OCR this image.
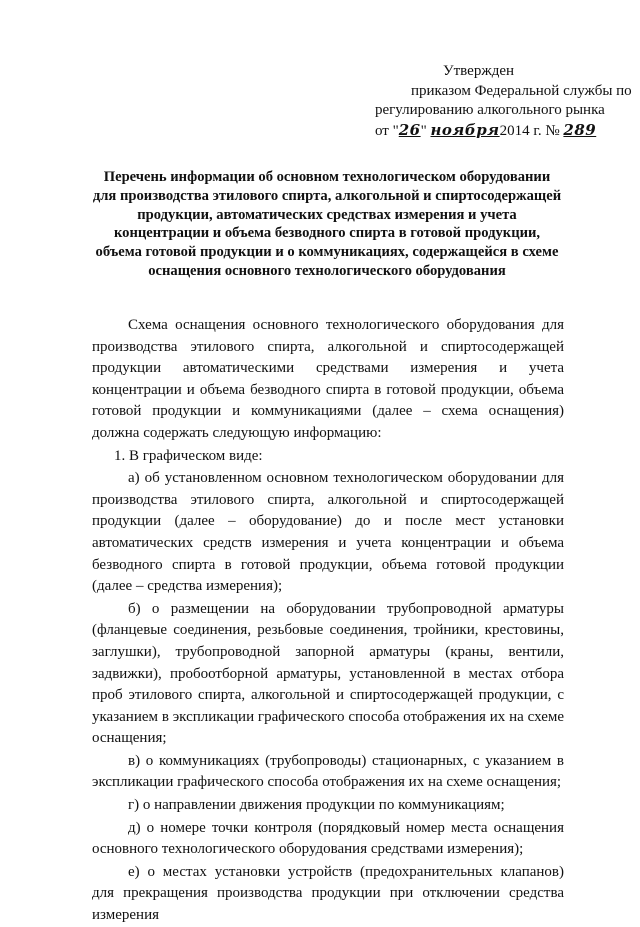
Утвержден
приказом Федеральной службы по
регулированию алкогольного рынка
от "26" ноября2014 г. № 289
Перечень информации об основном технологическом оборудовании для производства этилового спирта, алкогольной и спиртосодержащей продукции, автоматических средствах измерения и учета концентрации и объема безводного спирта в готовой продукции, объема готовой продукции и о коммуникациях, содержащейся в схеме оснащения основного технологического оборудования

Схема оснащения основного технологического оборудования для производства этилового спирта, алкогольной и спиртосодержащей продукции автоматическими средствами измерения и учета концентрации и объема безводного спирта в готовой продукции, объема готовой продукции и коммуникациями (далее – схема оснащения) должна содержать следующую информацию:

1. В графическом виде:

а) об установленном основном технологическом оборудовании для производства этилового спирта, алкогольной и спиртосодержащей продукции (далее – оборудование) до и после мест установки автоматических средств измерения и учета концентрации и объема безводного спирта в готовой продукции, объема готовой продукции (далее – средства измерения);

б) о размещении на оборудовании трубопроводной арматуры (фланцевые соединения, резьбовые соединения, тройники, крестовины, заглушки), трубопроводной запорной арматуры (краны, вентили, задвижки), пробоотборной арматуры, установленной в местах отбора проб этилового спирта, алкогольной и спиртосодержащей продукции, с указанием в экспликации графического способа отображения их на схеме оснащения;

в) о коммуникациях (трубопроводы) стационарных, с указанием в экспликации графического способа отображения их на схеме оснащения;

г) о направлении движения продукции по коммуникациям;

д) о номере точки контроля (порядковый номер места оснащения основного технологического оборудования средствами измерения);

е) о местах установки устройств (предохранительных клапанов) для прекращения производства продукции при отключении средства измерения
